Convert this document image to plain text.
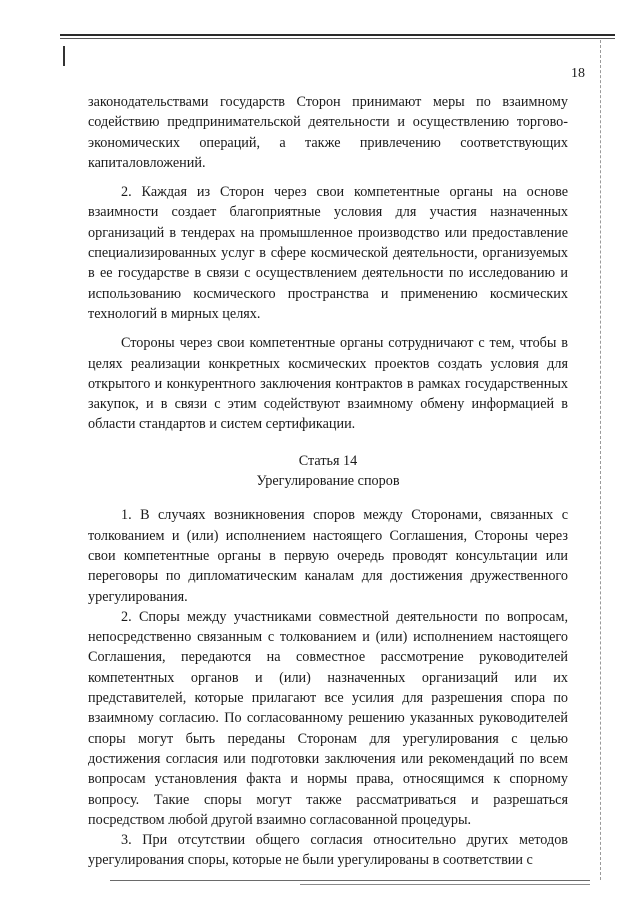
18

законодательствами государств Сторон принимают меры по взаимному содействию предпринимательской деятельности и осуществлению торгово-экономических операций, а также привлечению соответствующих капиталовложений.

2. Каждая из Сторон через свои компетентные органы на основе взаимности создает благоприятные условия для участия назначенных организаций в тендерах на промышленное производство или предоставление специализированных услуг в сфере космической деятельности, организуемых в ее государстве в связи с осуществлением деятельности по исследованию и использованию космического пространства и применению космических технологий в мирных целях.

Стороны через свои компетентные органы сотрудничают с тем, чтобы в целях реализации конкретных космических проектов создать условия для открытого и конкурентного заключения контрактов в рамках государственных закупок, и в связи с этим содействуют взаимному обмену информацией в области стандартов и систем сертификации.

Статья 14

Урегулирование споров

1. В случаях возникновения споров между Сторонами, связанных с толкованием и (или) исполнением настоящего Соглашения, Стороны через свои компетентные органы в первую очередь проводят консультации или переговоры по дипломатическим каналам для достижения дружественного урегулирования.

2. Споры между участниками совместной деятельности по вопросам, непосредственно связанным с толкованием и (или) исполнением настоящего Соглашения, передаются на совместное рассмотрение руководителей компетентных органов и (или) назначенных организаций или их представителей, которые прилагают все усилия для разрешения спора по взаимному согласию. По согласованному решению указанных руководителей споры могут быть переданы Сторонам для урегулирования с целью достижения согласия или подготовки заключения или рекомендаций по всем вопросам установления факта и нормы права, относящимся к спорному вопросу. Такие споры могут также рассматриваться и разрешаться посредством любой другой взаимно согласованной процедуры.

3. При отсутствии общего согласия относительно других методов урегулирования споры, которые не были урегулированы в соответствии с
